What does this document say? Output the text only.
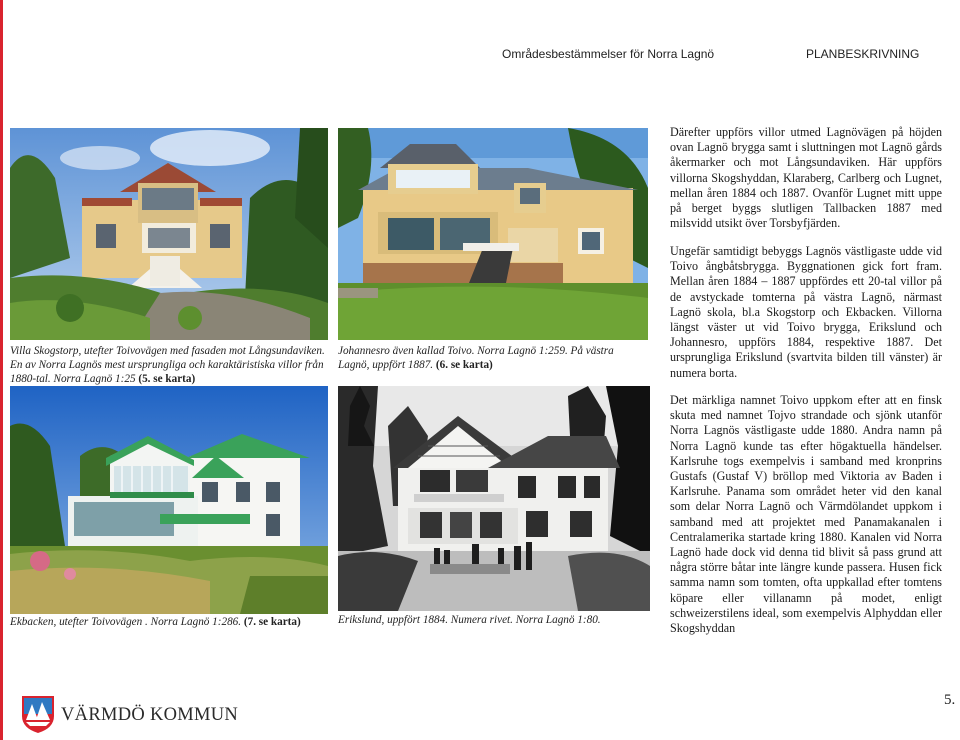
Områdesbestämmelser för Norra Lagnö	PLANBESKRIVNING
Villa Skogstorp, utefter Toivovägen med fasaden mot Långsundaviken. En av Norra Lagnös mest ursprungliga och karaktäristiska villor från 1880-tal. Norra Lagnö 1:25 (5. se karta)
Johannesro även kallad Toivo. Norra Lagnö 1:259. På västra Lagnö, uppfört 1887. (6. se karta)
Ekbacken, utefter Toivovägen . Norra Lagnö 1:286. (7. se karta)	Erikslund, uppfört 1884. Numera rivet. Norra Lagnö 1:80.

Därefter uppförs villor utmed Lagnövägen på höjden ovan Lagnö brygga samt i sluttningen mot Lagnö gårds åkermarker och mot Långsundaviken. Här uppförs villorna Skogshyddan, Klaraberg, Carlberg och Lugnet, mellan åren 1884 och 1887. Ovanför Lugnet mitt uppe på berget byggs slutligen Tallbacken 1887 med milsvidd utsikt över Torsbyfjärden.

Ungefär samtidigt bebyggs Lagnös västligaste udde vid Toivo ångbåtsbrygga. Byggnationen gick fort fram. Mellan åren 1884 – 1887 uppfördes ett 20-tal villor på de avstyckade tomterna på västra Lagnö, närmast Lagnö skola, bl.a Skogstorp och Ekbacken. Villorna längst väster ut vid Toivo brygga, Erikslund och Johannesro, uppförs 1884, respektive 1887. Det ursprungliga Erikslund (svartvita bilden till vänster) är numera borta.

Det märkliga namnet Toivo uppkom efter att en finsk skuta med namnet Tojvo strandade och sjönk utanför Norra Lagnös västligaste udde 1880. Andra namn på Norra Lagnö kunde tas efter högaktuella händelser. Karlsruhe togs exempelvis i samband med kronprins Gustafs (Gustaf V) bröllop med Viktoria av Baden i Karlsruhe. Panama som området heter vid den kanal som delar Norra Lagnö och Värmdölandet uppkom i samband med att projektet med Panamakanalen i Centralamerika startade kring 1880. Kanalen vid Norra Lagnö hade dock vid denna tid blivit så pass grund att några större båtar inte längre kunde passera. Husen fick samma namn som tomten, ofta uppkallad efter tomtens köpare eller villanamn på modet, enligt schweizerstilens ideal, som exempelvis Alphyddan eller Skogshyddan

VÄRMDÖ KOMMUN
5.
